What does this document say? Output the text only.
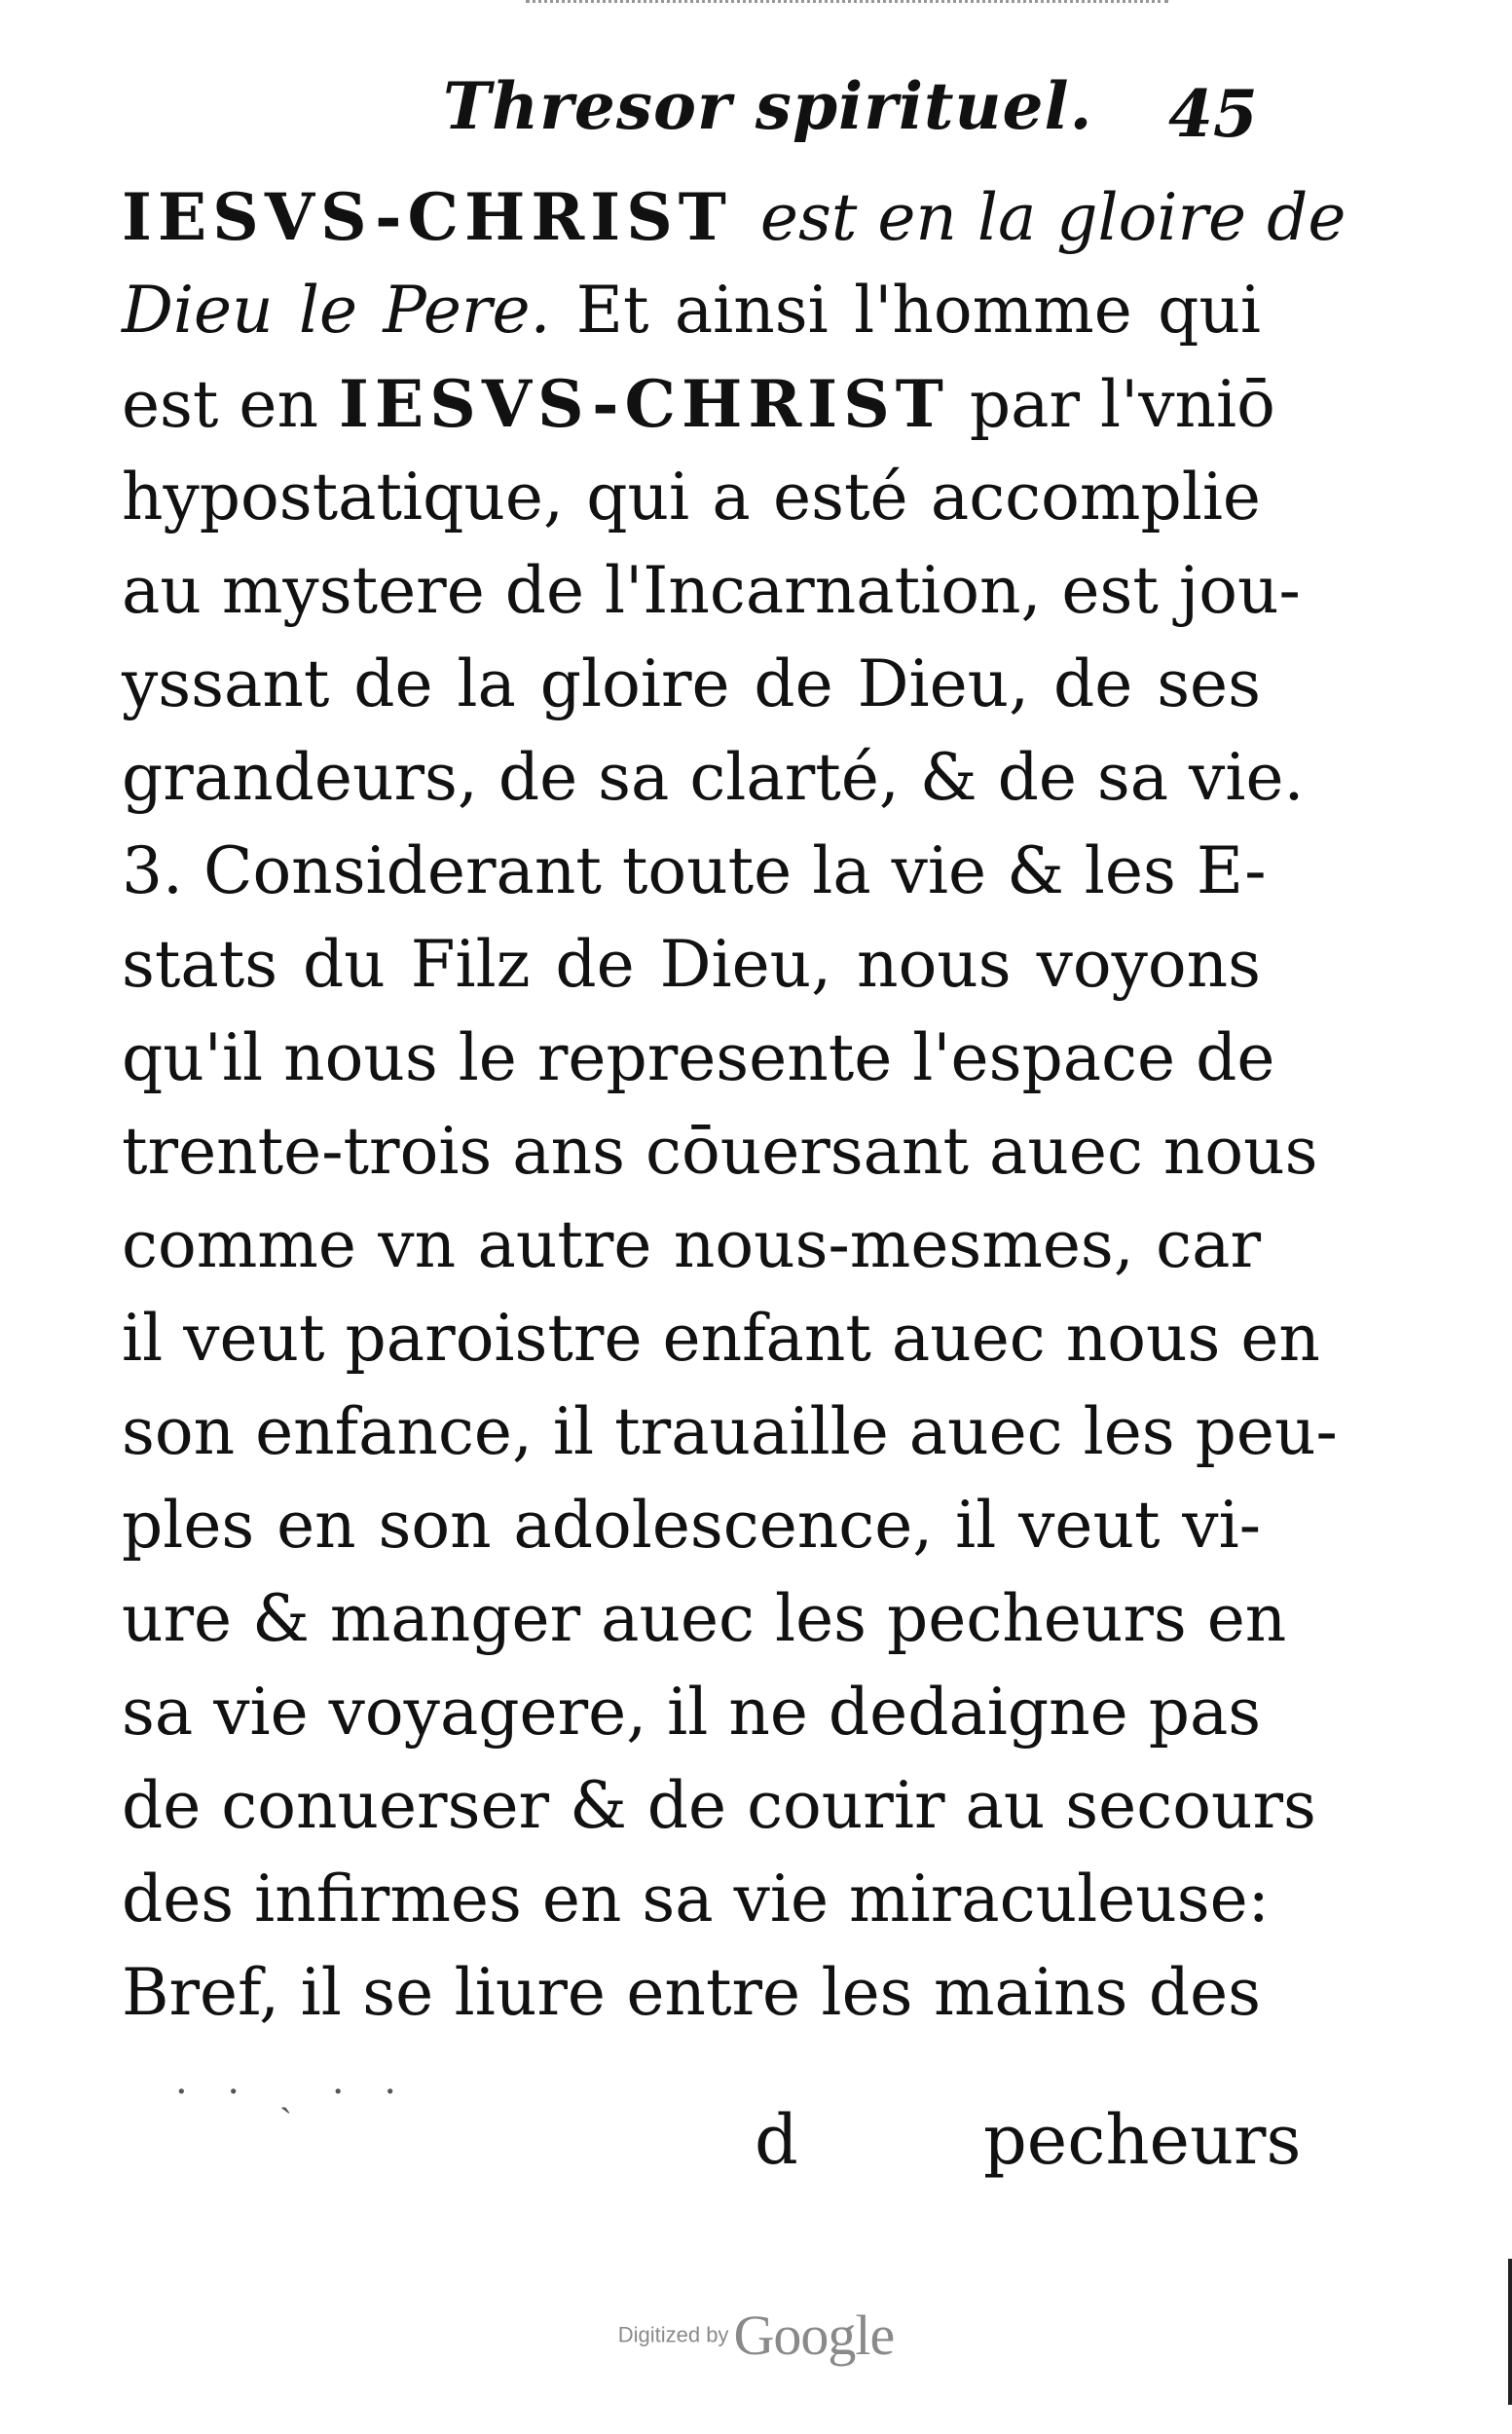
Thresor spirituel. 45
IESVS-CHRIST est en la gloire de
Dieu le Pere. Et ainsi l'homme qui
est en IESVS-CHRIST par l'vniō
hypostatique, qui a esté accomplie
au mystere de l'Incarnation, est jou-
yssant de la gloire de Dieu, de ses
grandeurs, de sa clarté, & de sa vie.
3. Considerant toute la vie & les E-
stats du Filz de Dieu, nous voyons
qu'il nous le represente l'espace de
trente-trois ans cōuersant auec nous
comme vn autre nous-mesmes, car
il veut paroistre enfant auec nous en
son enfance, il trauaille auec les peu-
ples en son adolescence, il veut vi-
ure & manger auec les pecheurs en
sa vie voyagere, il ne dedaigne pas
de conuerser & de courir au secours
des infirmes en sa vie miraculeuse:
Bref, il se liure entre les mains des
· · ˏ · ·
d	pecheurs
Digitized by Google
